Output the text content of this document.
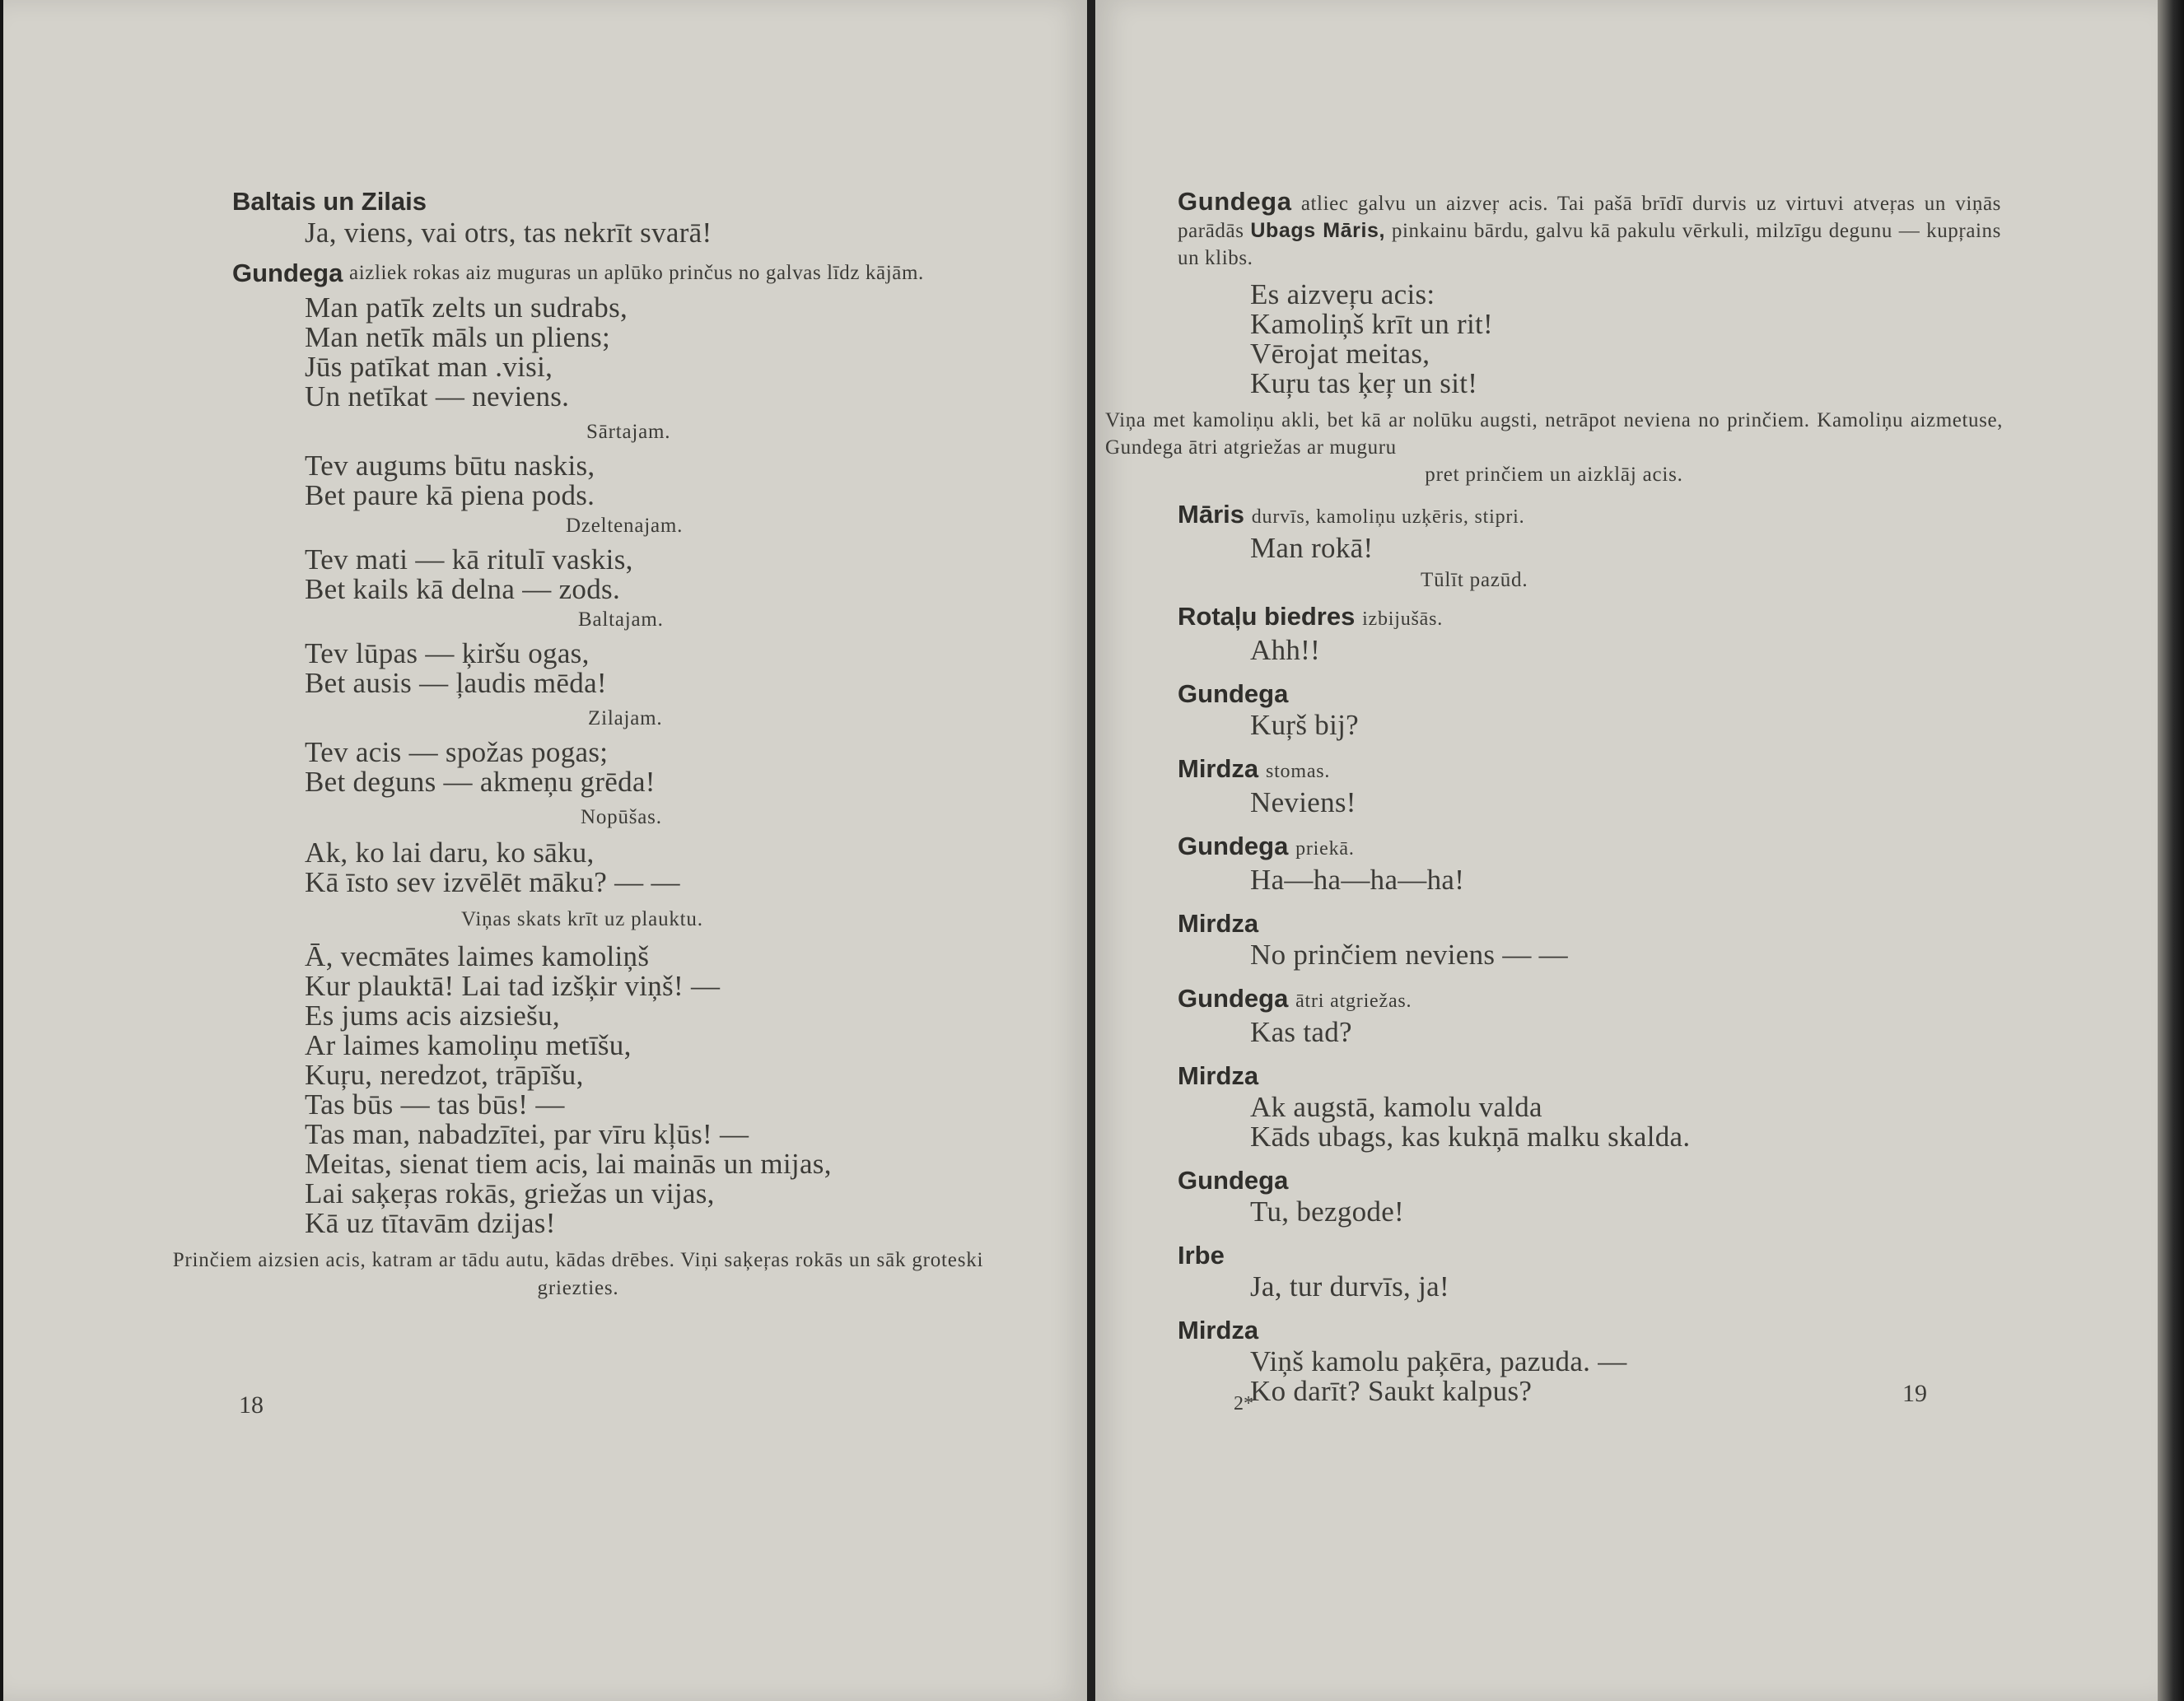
Baltais un Zilais
Ja, viens, vai otrs, tas nekrīt svarā!
Gundega aizliek rokas aiz muguras un aplūko prinčus no galvas līdz kājām.
Man patīk zelts un sudrabs,
Man netīk māls un pliens;
Jūs patīkat man .visi,
Un netīkat — neviens.
Sārtajam.
Tev augums būtu naskis,
Bet paure kā piena pods.
Dzeltenajam.
Tev mati — kā ritulī vaskis,
Bet kails kā delna — zods.
Baltajam.
Tev lūpas — ķiršu ogas,
Bet ausis — ļaudis mēda!
Zilajam.
Tev acis — spožas pogas;
Bet deguns — akmeņu grēda!
Nopūšas.
Ak, ko lai daru, ko sāku,
Kā īsto sev izvēlēt māku? — —
Viņas skats krīt uz plauktu.
Ā, vecmātes laimes kamoliņš
Kur plauktā! Lai tad izšķir viņš! —
Es jums acis aizsiešu,
Ar laimes kamoliņu metīšu,
Kuŗu, neredzot, trāpīšu,
Tas būs — tas būs! —
Tas man, nabadzītei, par vīru kļūs! —
Meitas, sienat tiem acis, lai mainās un mijas,
Lai saķeŗas rokās, griežas un vijas,
Kā uz tītavām dzijas!
Prinčiem aizsien acis, katram ar tādu autu, kādas drēbes. Viņi saķeŗas rokās un sāk groteski griezties.
18
Gundega atliec galvu un aizveŗ acis. Tai pašā brīdī durvis uz virtuvi atveŗas un viņās parādās Ubags Māris, pinkainu bārdu, galvu kā pakulu vērkuli, milzīgu degunu — kupŗains un klibs.
Es aizveŗu acis:
Kamoliņš krīt un rit!
Vērojat meitas,
Kuŗu tas ķeŗ un sit!
Viņa met kamoliņu akli, bet kā ar nolūku augsti, netrāpot neviena no prinčiem. Kamoliņu aizmetuse, Gundega ātri atgriežas ar muguru
pret prinčiem un aizklāj acis.
Māris durvīs, kamoliņu uzķēris, stipri.
Man rokā!
Tūlīt pazūd.
Rotaļu biedres izbijušās.
Ahh!!
Gundega
Kuŗš bij?
Mirdza stomas.
Neviens!
Gundega priekā.
Ha—ha—ha—ha!
Mirdza
No prinčiem neviens — —
Gundega ātri atgriežas.
Kas tad?
Mirdza
Ak augstā, kamolu valda
Kāds ubags, kas kukņā malku skalda.
Gundega
Tu, bezgode!
Irbe
Ja, tur durvīs, ja!
Mirdza
Viņš kamolu paķēra, pazuda. —
Ko darīt? Saukt kalpus?
2*	19
